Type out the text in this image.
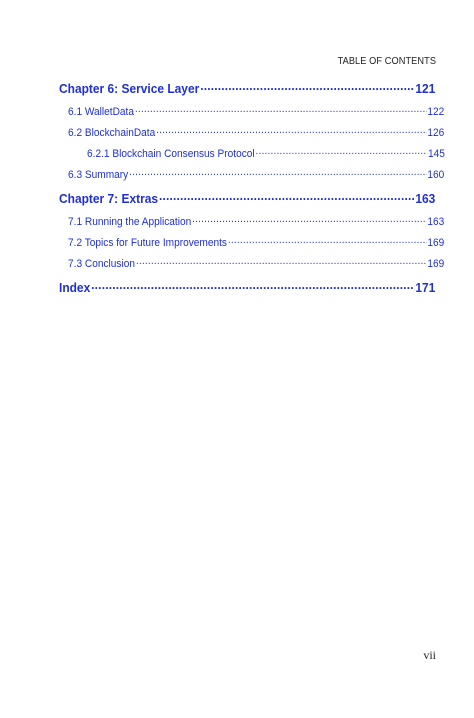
TABLE OF CONTENTS
Chapter 6: Service Layer .....	121
6.1 WalletData .....	122
6.2 BlockchainData .....	126
6.2.1 Blockchain Consensus Protocol .....	145
6.3 Summary .....	160
Chapter 7: Extras .....	163
7.1 Running the Application .....	163
7.2 Topics for Future Improvements .....	169
7.3 Conclusion .....	169
Index .....	171
vii
